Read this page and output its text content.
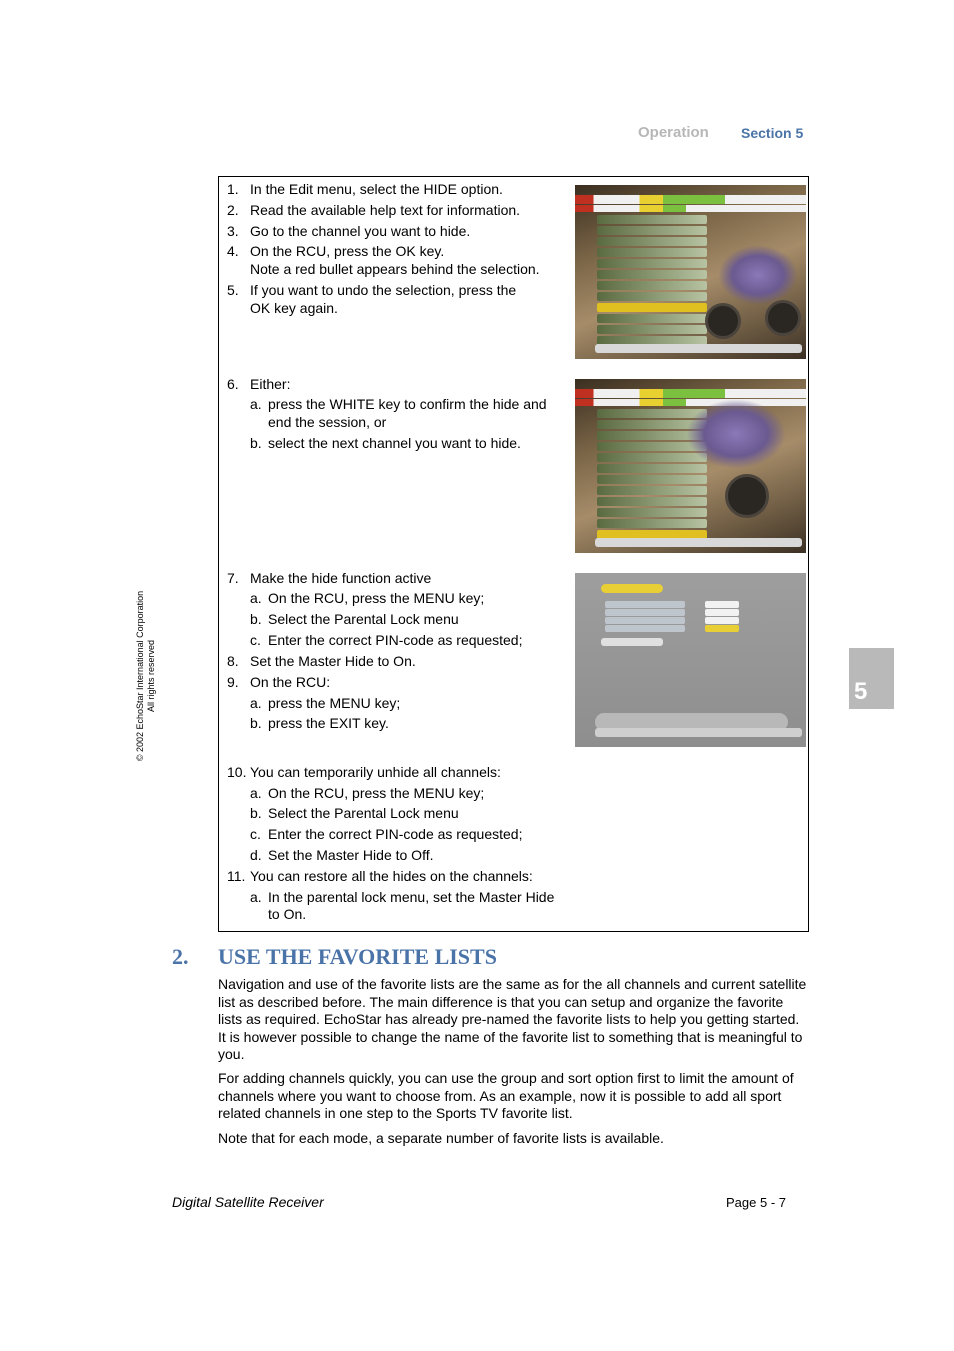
Operation Section 5
5
© 2002 EchoStar International Corporation All rights reserved
1. In the Edit menu, select the HIDE option.
2. Read the available help text for information.
3. Go to the channel you want to hide.
4. On the RCU, press the OK key.
Note a red bullet appears behind the selection.
5. If you want to undo the selection, press the
OK key again.
6. Either:
a. press the WHITE key to confirm the hide and
end the session, or
b. select the next channel you want to hide.
7. Make the hide function active
a. On the RCU, press the MENU key;
b. Select the Parental Lock menu
c. Enter the correct PIN-code as requested;
8. Set the Master Hide to On.
9. On the RCU:
a. press the MENU key;
b. press the EXIT key.
10. You can temporarily unhide all channels:
a. On the RCU, press the MENU key;
b. Select the Parental Lock menu
c. Enter the correct PIN-code as requested;
d. Set the Master Hide to Off.
11. You can restore all the hides on the channels:
a. In the parental lock menu, set the Master Hide
to On.
2. USE THE FAVORITE LISTS
Navigation and use of the favorite lists are the same as for the all channels and current satellite list as described before. The main difference is that you can setup and organize the favorite lists as required. EchoStar has already pre-named the favorite lists to help you getting started. It is however possible to change the name of the favorite list to something that is meaningful to you.
For adding channels quickly, you can use the group and sort option first to limit the amount of channels where you want to choose from. As an example, now it is possible to add all sport related channels in one step to the Sports TV favorite list.
Note that for each mode, a separate number of favorite lists is available.
Digital Satellite Receiver	Page 5 - 7
